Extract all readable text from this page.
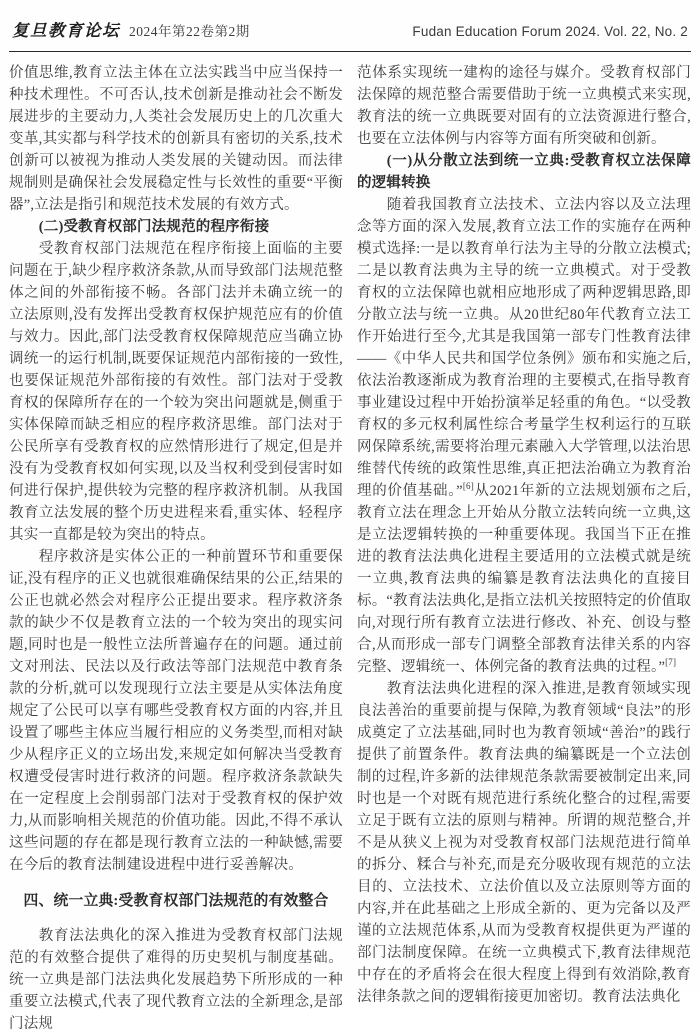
复旦教育论坛 2024年第22卷第2期	Fudan Education Forum 2024. Vol. 22, No. 2

价值思维,教育立法主体在立法实践当中应当保持一种技术理性。不可否认,技术创新是推动社会不断发展进步的主要动力,人类社会发展历史上的几次重大变革,其实都与科学技术的创新具有密切的关系,技术创新可以被视为推动人类发展的关键动因。而法律规制则是确保社会发展稳定性与长效性的重要“平衡器”,立法是指引和规范技术发展的有效方式。

(二)受教育权部门法规范的程序衔接

受教育权部门法规范在程序衔接上面临的主要问题在于,缺少程序救济条款,从而导致部门法规范整体之间的外部衔接不畅。各部门法并未确立统一的立法原则,没有发挥出受教育权保护规范应有的价值与效力。因此,部门法受教育权保障规范应当确立协调统一的运行机制,既要保证规范内部衔接的一致性,也要保证规范外部衔接的有效性。部门法对于受教育权的保障所存在的一个较为突出问题就是,侧重于实体保障而缺乏相应的程序救济思维。部门法对于公民所享有受教育权的应然情形进行了规定,但是并没有为受教育权如何实现,以及当权利受到侵害时如何进行保护,提供较为完整的程序救济机制。从我国教育立法发展的整个历史进程来看,重实体、轻程序其实一直都是较为突出的特点。

程序救济是实体公正的一种前置环节和重要保证,没有程序的正义也就很难确保结果的公正,结果的公正也就必然会对程序公正提出要求。程序救济条款的缺少不仅是教育立法的一个较为突出的现实问题,同时也是一般性立法所普遍存在的问题。通过前文对刑法、民法以及行政法等部门法规范中教育条款的分析,就可以发现现行立法主要是从实体法角度规定了公民可以享有哪些受教育权方面的内容,并且设置了哪些主体应当履行相应的义务类型,而相对缺少从程序正义的立场出发,来规定如何解决当受教育权遭受侵害时进行救济的问题。程序救济条款缺失在一定程度上会削弱部门法对于受教育权的保护效力,从而影响相关规范的价值功能。因此,不得不承认这些问题的存在都是现行教育立法的一种缺憾,需要在今后的教育法制建设进程中进行妥善解决。

四、统一立典:受教育权部门法规范的有效整合

教育法法典化的深入推进为受教育权部门法规范的有效整合提供了难得的历史契机与制度基础。统一立典是部门法法典化发展趋势下所形成的一种重要立法模式,代表了现代教育立法的全新理念,是部门法规

范体系实现统一建构的途径与媒介。受教育权部门法保障的规范整合需要借助于统一立典模式来实现,教育法的统一立典既要对固有的立法资源进行整合,也要在立法体例与内容等方面有所突破和创新。

(一)从分散立法到统一立典:受教育权立法保障的逻辑转换

随着我国教育立法技术、立法内容以及立法理念等方面的深入发展,教育立法工作的实施存在两种模式选择:一是以教育单行法为主导的分散立法模式;二是以教育法典为主导的统一立典模式。对于受教育权的立法保障也就相应地形成了两种逻辑思路,即分散立法与统一立典。从20世纪80年代教育立法工作开始进行至今,尤其是我国第一部专门性教育法律——《中华人民共和国学位条例》颁布和实施之后,依法治教逐渐成为教育治理的主要模式,在指导教育事业建设过程中开始扮演举足轻重的角色。“以受教育权的多元权利属性综合考量学生权利运行的互联网保障系统,需要将治理元素融入大学管理,以法治思维替代传统的政策性思维,真正把法治确立为教育治理的价值基础。”[6]从2021年新的立法规划颁布之后,教育立法在理念上开始从分散立法转向统一立典,这是立法逻辑转换的一种重要体现。我国当下正在推进的教育法法典化进程主要适用的立法模式就是统一立典,教育法典的编纂是教育法法典化的直接目标。“教育法法典化,是指立法机关按照特定的价值取向,对现行所有教育立法进行修改、补充、创设与整合,从而形成一部专门调整全部教育法律关系的内容完整、逻辑统一、体例完备的教育法典的过程。”[7]

教育法法典化进程的深入推进,是教育领域实现良法善治的重要前提与保障,为教育领域“良法”的形成奠定了立法基础,同时也为教育领域“善治”的践行提供了前置条件。教育法典的编纂既是一个立法创制的过程,许多新的法律规范条款需要被制定出来,同时也是一个对既有规范进行系统化整合的过程,需要立足于既有立法的原则与精神。所谓的规范整合,并不是从狭义上视为对受教育权部门法规范进行简单的拆分、糅合与补充,而是充分吸收现有规范的立法目的、立法技术、立法价值以及立法原则等方面的内容,并在此基础之上形成全新的、更为完备以及严谨的立法规范体系,从而为受教育权提供更为严谨的部门法制度保障。在统一立典模式下,教育法律规范中存在的矛盾将会在很大程度上得到有效消除,教育法律条款之间的逻辑衔接更加密切。教育法法典化
